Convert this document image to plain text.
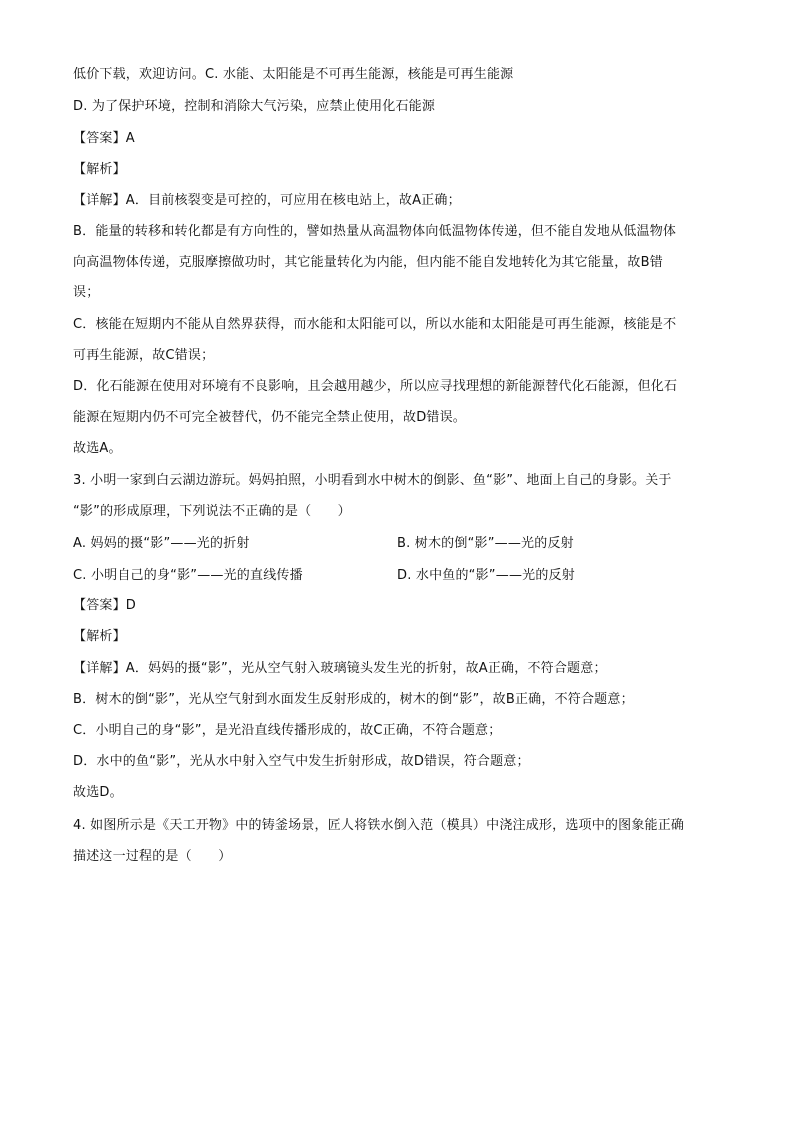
低价下载，欢迎访问。C. 水能、太阳能是不可再生能源，核能是可再生能源
D. 为了保护环境，控制和消除大气污染，应禁止使用化石能源
【答案】A
【解析】
【详解】A．目前核裂变是可控的，可应用在核电站上，故A正确；
B．能量的转移和转化都是有方向性的，譬如热量从高温物体向低温物体传递，但不能自发地从低温物体
向高温物体传递，克服摩擦做功时，其它能量转化为内能，但内能不能自发地转化为其它能量，故B错
误；
C．核能在短期内不能从自然界获得，而水能和太阳能可以，所以水能和太阳能是可再生能源，核能是不
可再生能源，故C错误；
D．化石能源在使用对环境有不良影响，且会越用越少，所以应寻找理想的新能源替代化石能源，但化石
能源在短期内仍不可完全被替代，仍不能完全禁止使用，故D错误。
故选A。
3. 小明一家到白云湖边游玩。妈妈拍照，小明看到水中树木的倒影、鱼“影”、地面上自己的身影。关于
“影”的形成原理，下列说法不正确的是（　　）
A. 妈妈的摄“影”——光的折射	B. 树木的倒“影”——光的反射
C. 小明自己的身“影”——光的直线传播	D. 水中鱼的“影”——光的反射
【答案】D
【解析】
【详解】A．妈妈的摄“影”，光从空气射入玻璃镜头发生光的折射，故A正确，不符合题意；
B．树木的倒“影”，光从空气射到水面发生反射形成的，树木的倒“影”，故B正确，不符合题意；
C．小明自己的身“影”，是光沿直线传播形成的，故C正确，不符合题意；
D．水中的鱼“影”，光从水中射入空气中发生折射形成，故D错误，符合题意；
故选D。
4. 如图所示是《天工开物》中的铸釜场景，匠人将铁水倒入范（模具）中浇注成形，选项中的图象能正确
描述这一过程的是（　　）
